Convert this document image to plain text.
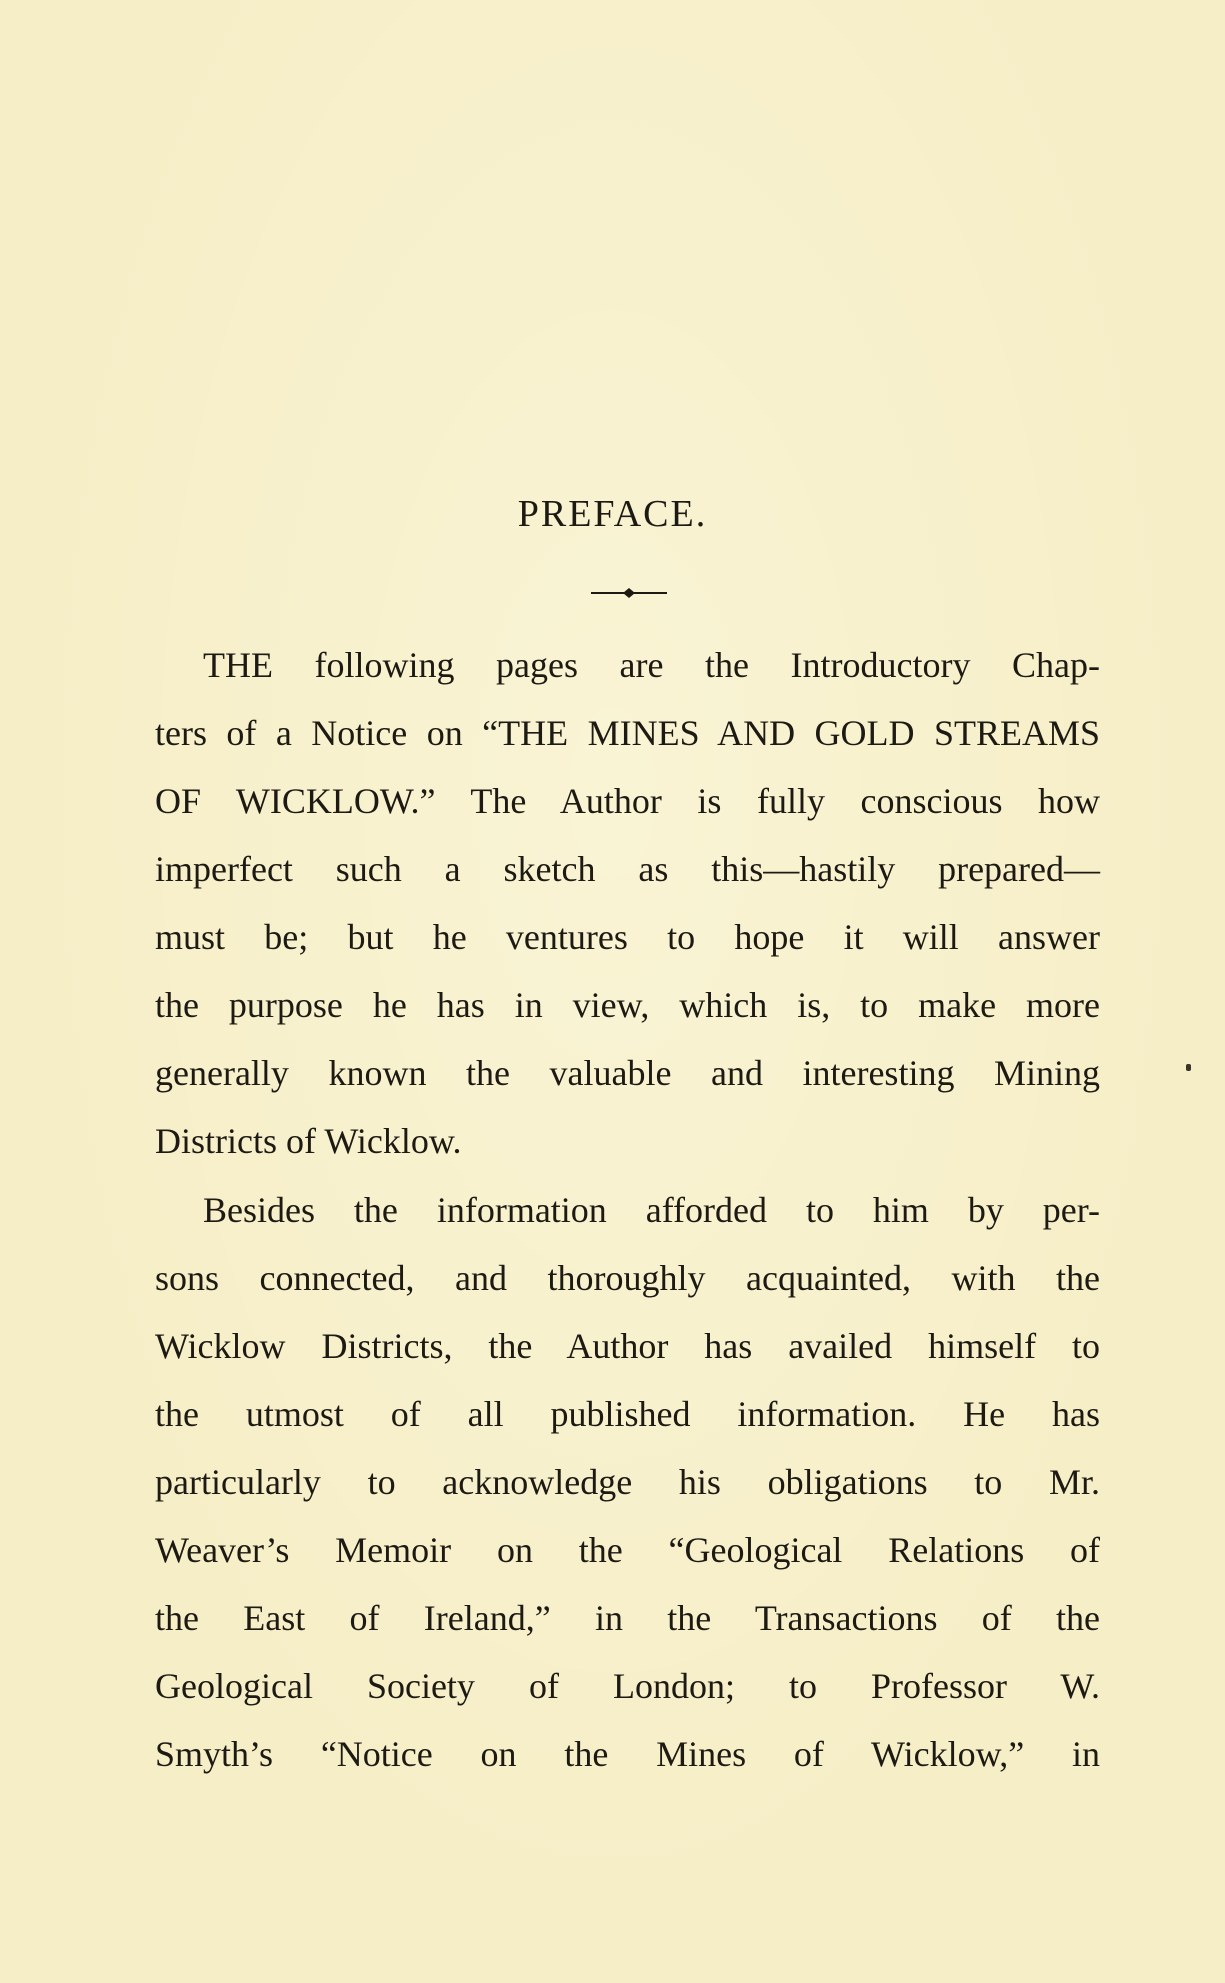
PREFACE.
THE following pages are the Introductory Chap-
ters of a Notice on “THE MINES AND GOLD STREAMS
OF WICKLOW.” The Author is fully conscious how
imperfect such a sketch as this—hastily prepared—
must be; but he ventures to hope it will answer
the purpose he has in view, which is, to make more
generally known the valuable and interesting Mining
Districts of Wicklow.
Besides the information afforded to him by per-
sons connected, and thoroughly acquainted, with the
Wicklow Districts, the Author has availed himself to
the utmost of all published information. He has
particularly to acknowledge his obligations to Mr.
Weaver’s Memoir on the “Geological Relations of
the East of Ireland,” in the Transactions of the
Geological Society of London; to Professor W.
Smyth’s “Notice on the Mines of Wicklow,” in
